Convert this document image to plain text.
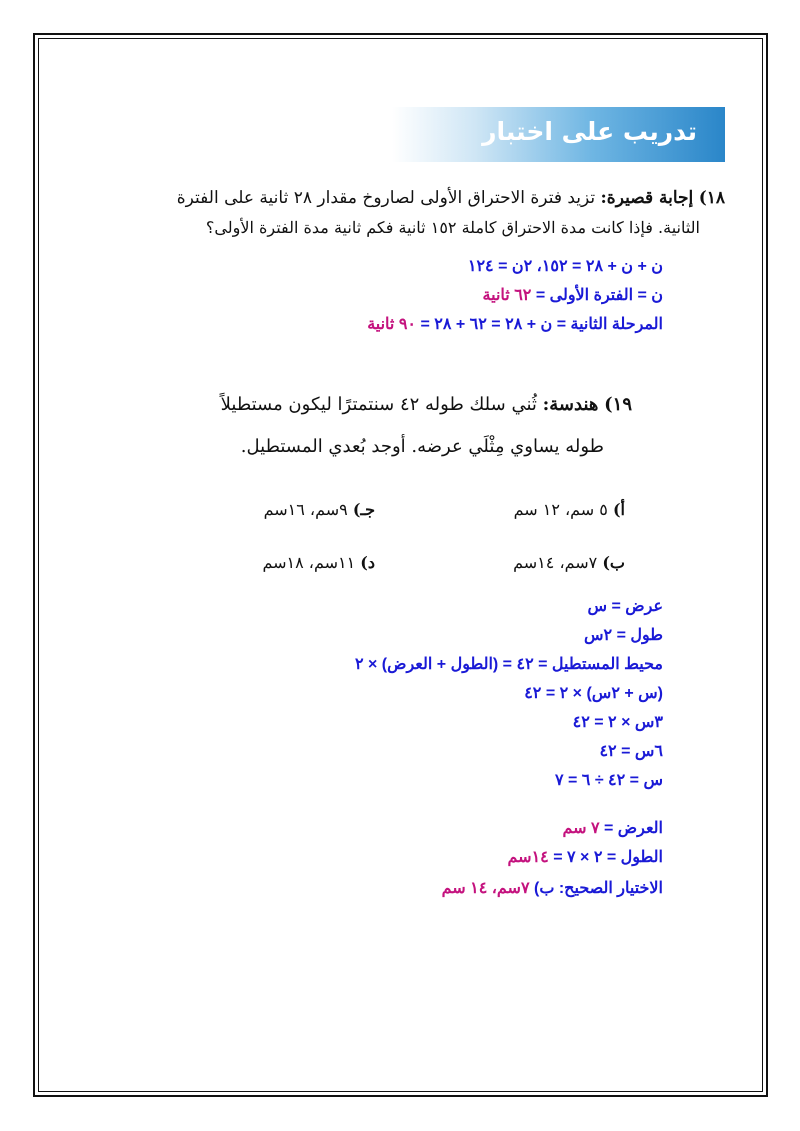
تدريب على اختبار
١٨) إجابة قصيرة: تزيد فترة الاحتراق الأولى لصاروخ مقدار ٢٨ ثانية على الفترة
الثانية. فإذا كانت مدة الاحتراق كاملة ١٥٢ ثانية فكم ثانية مدة الفترة الأولى؟
ن + ن + ٢٨ = ١٥٢، ٢ن = ١٢٤
ن = الفترة الأولى = ٦٢ ثانية
المرحلة الثانية = ن + ٢٨ = ٦٢ + ٢٨ = ٩٠ ثانية
١٩) هندسة: ثُني سلك طوله ٤٢ سنتمترًا ليكون مستطيلاً
طوله يساوي مِثْلَي عرضه. أوجد بُعدي المستطيل.
أ) ٥ سم، ١٢ سم
جـ) ٩سم، ١٦سم
ب) ٧سم، ١٤سم
د) ١١سم، ١٨سم
عرض = س
طول = ٢س
محيط المستطيل = ٤٢ = (الطول + العرض) × ٢
(س + ٢س) × ٢ = ٤٢
٣س × ٢ = ٤٢
٦س = ٤٢
س = ٤٢ ÷ ٦ = ٧
العرض = ٧ سم
الطول = ٢ × ٧ = ١٤سم
الاختيار الصحيح: ب) ٧سم، ١٤ سم
